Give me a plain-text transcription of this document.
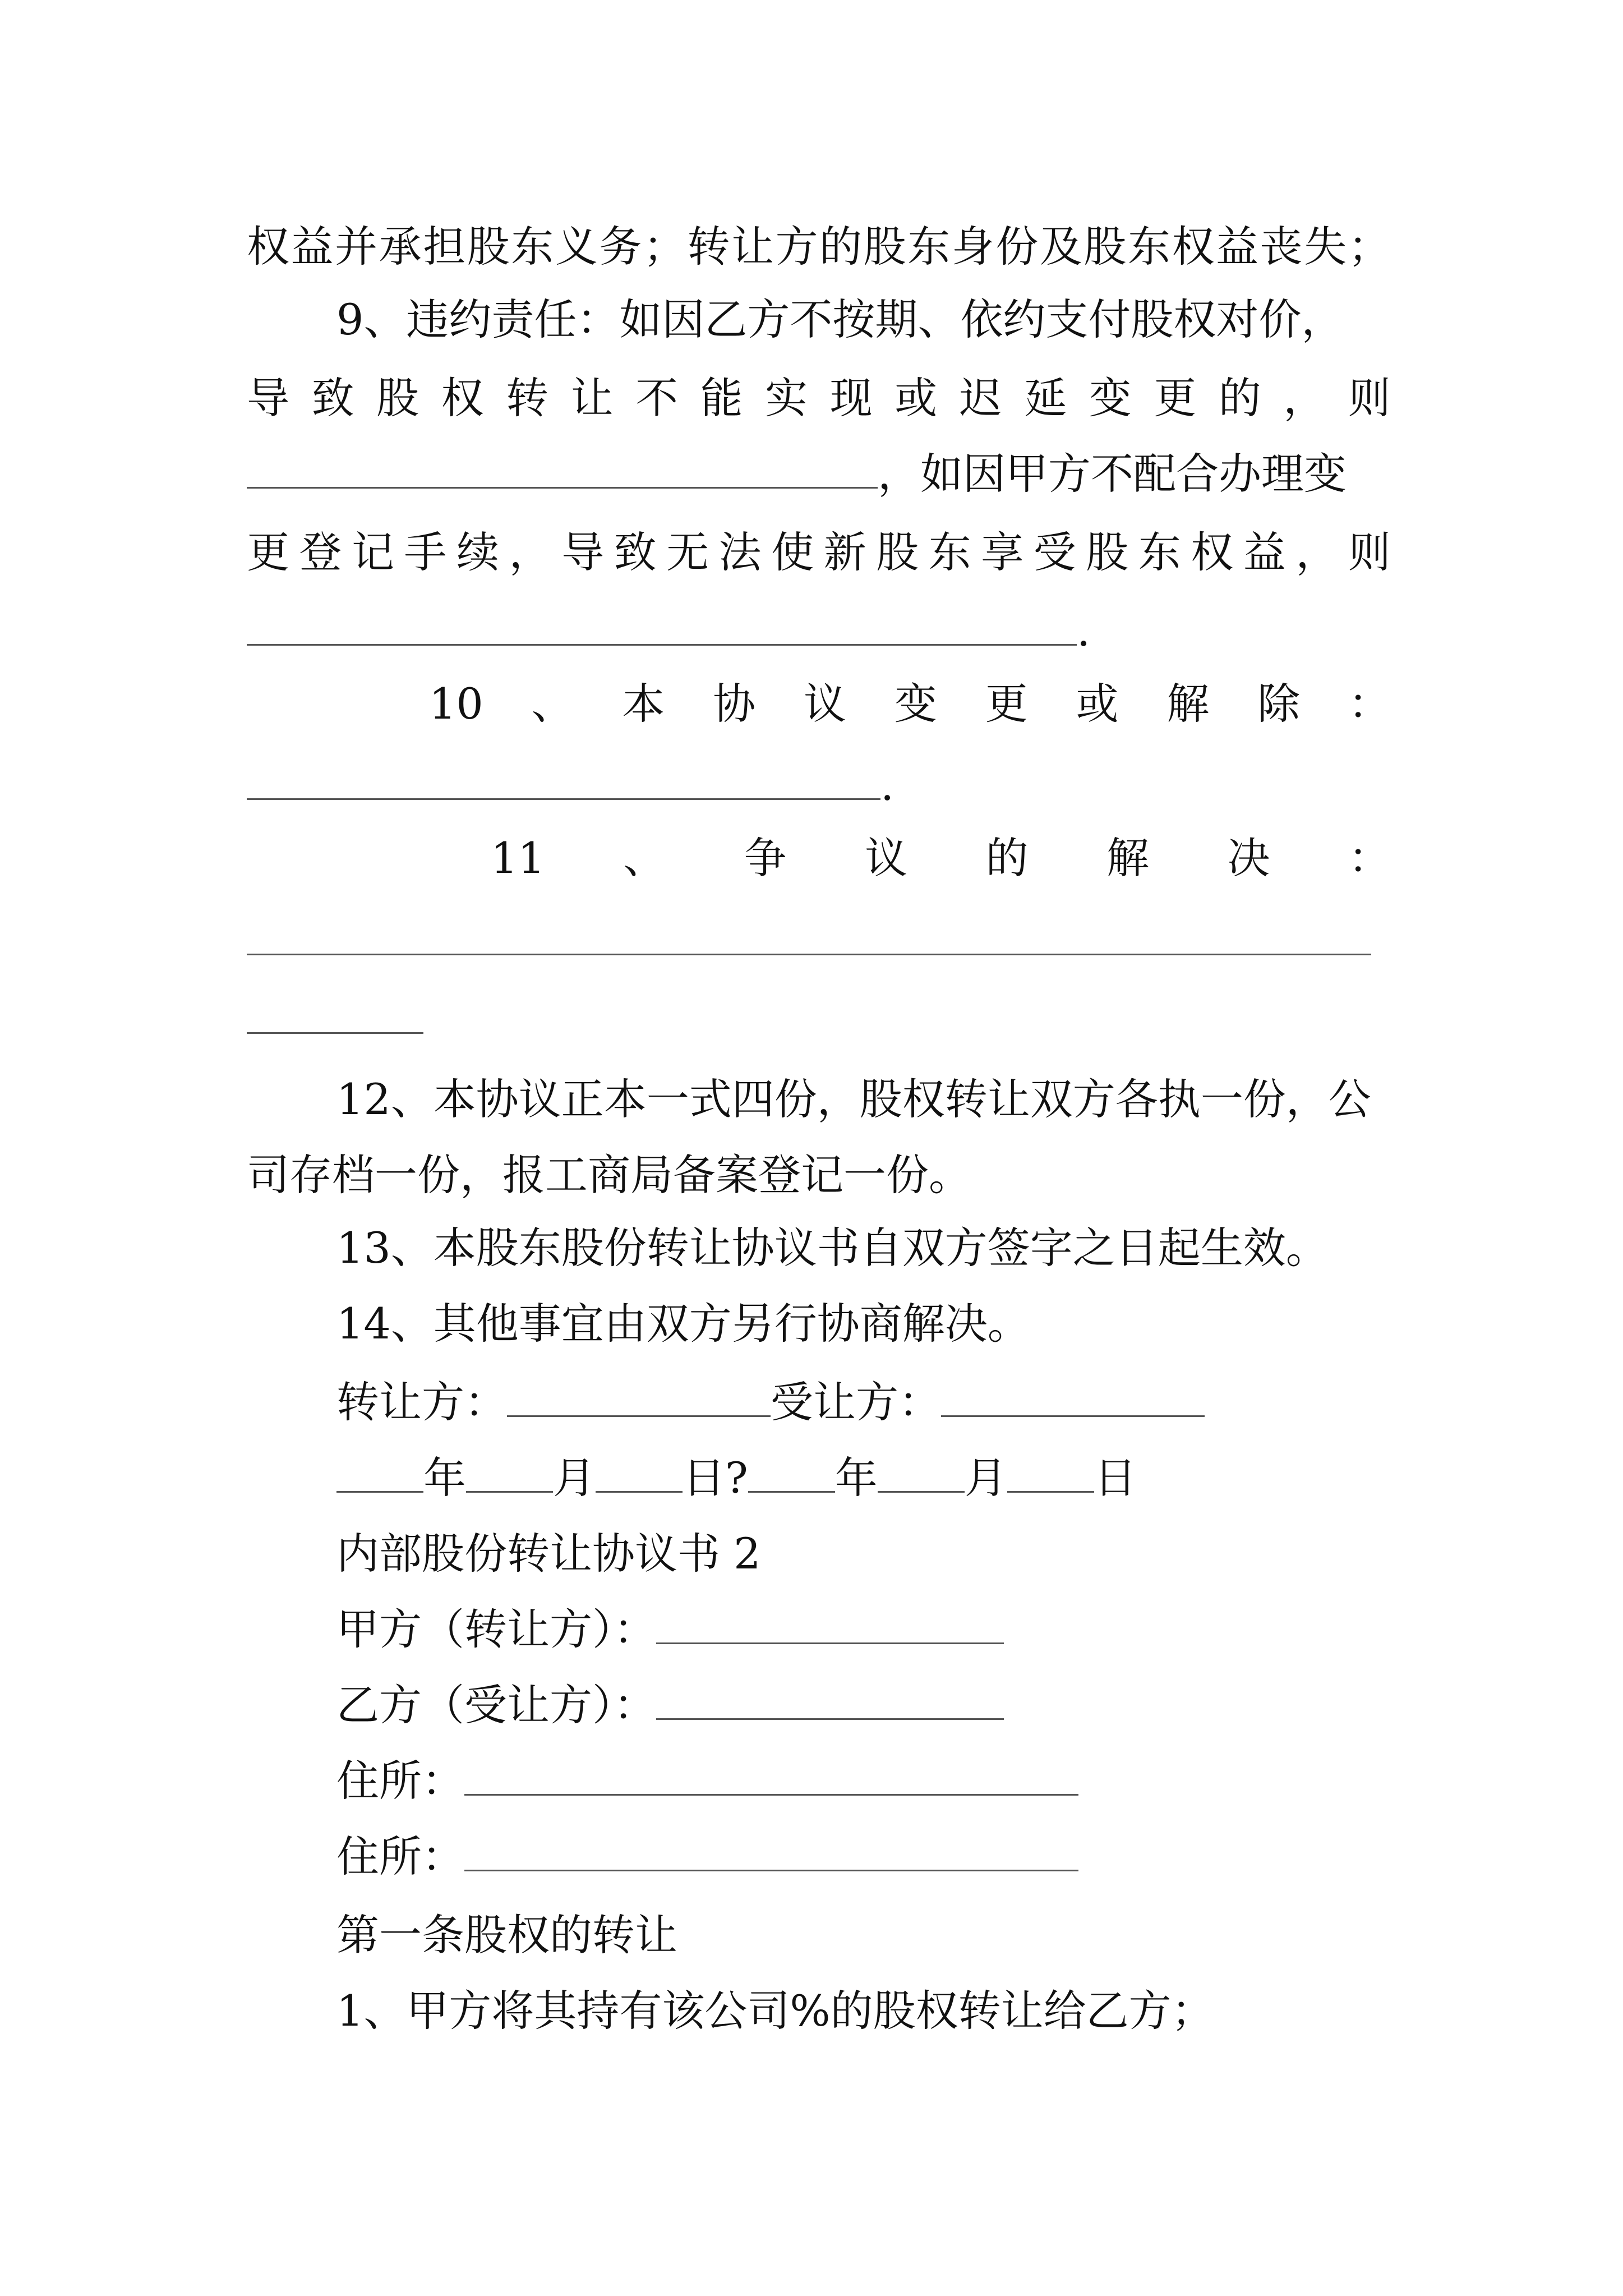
权 益 并 承 担 股 东 义 务 ； 转 让 方 的 股 东 身 份 及 股 东 权 益 丧 失 ；
9、违约责任：如因乙方不按期、依约支付股权对价，
导 致 股 权 转 让 不 能 实 现 或 迟 延 变 更 的 ， 则
，如因甲方不配合办理变
更 登 记 手 续 ， 导 致 无 法 使 新 股 东 享 受 股 东 权 益 ， 则
.
10 、 本 协 议 变 更 或 解 除 ：
.
11 、 争 议 的 解 决 ：
12、本协议正本一式四份，股权转让双方各执一份，公
司存档一份，报工商局备案登记一份。
13、本股东股份转让协议书自双方签字之日起生效。
14、其他事宜由双方另行协商解决。
转让方：	受让方：
年 月 日? 年 月 日
内部股份转让协议书 2
甲方（转让方）：
乙方（受让方）：
住所：
住所：
第一条股权的转让
1、甲方将其持有该公司%的股权转让给乙方；
